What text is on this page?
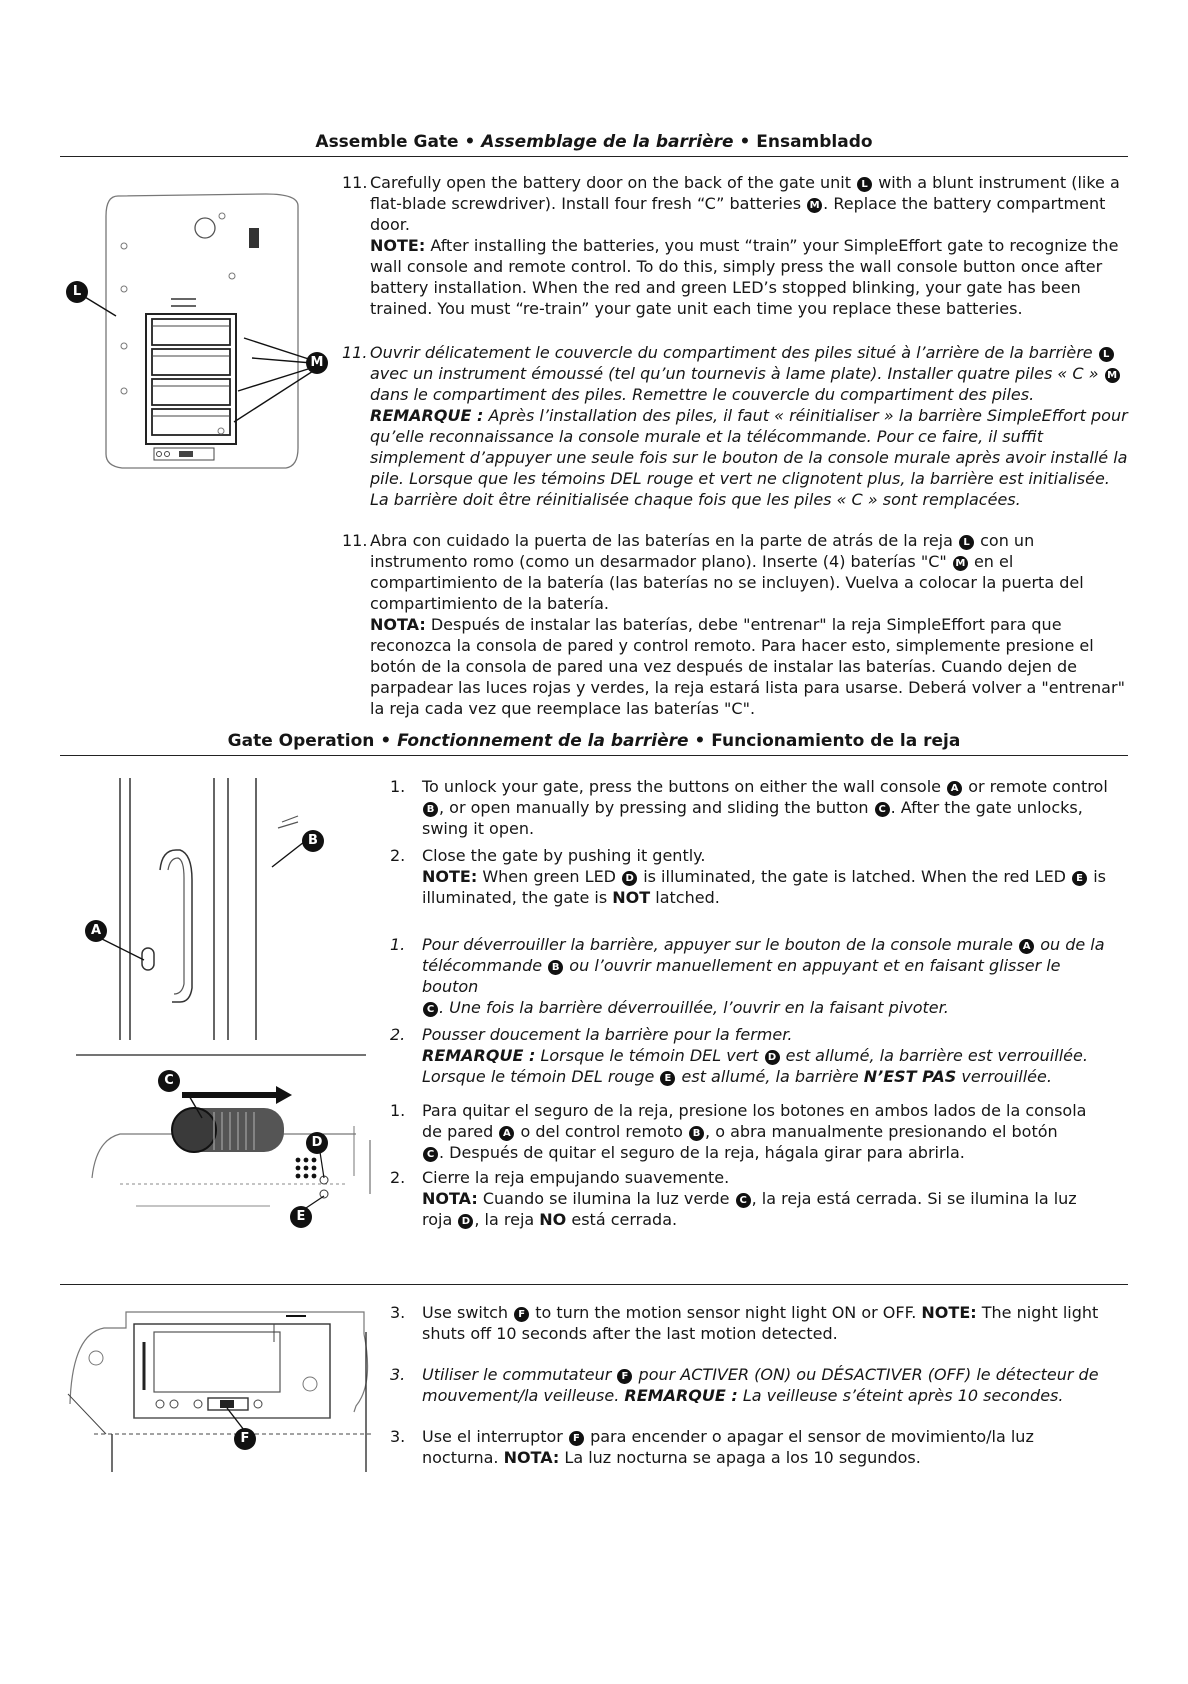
Assemble Gate • Assemblage de la barrière • Ensamblado
L
M
11. Carefully open the battery door on the back of the gate unit L with a blunt instrument (like a flat-blade screwdriver). Install four fresh “C” batteries M . Replace the battery compartment door.
NOTE: After installing the batteries, you must “train” your SimpleEffort gate to recognize the wall console and remote control. To do this, simply press the wall console button once after battery installation. When the red and green LED’s stopped blinking, your gate has been trained. You must “re-train” your gate unit each time you replace these batteries.
11. Ouvrir délicatement le couvercle du compartiment des piles situé à l’arrière de la barrière L avec un instrument émoussé (tel qu’un tournevis à lame plate). Installer quatre piles « C » M dans le compartiment des piles. Remettre le couvercle du compartiment des piles.
REMARQUE : Après l’installation des piles, il faut « réinitialiser » la barrière SimpleEffort pour qu’elle reconnaissance la console murale et la télécommande. Pour ce faire, il suffit simplement d’appuyer une seule fois sur le bouton de la console murale après avoir installé la pile. Lorsque que les témoins DEL rouge et vert ne clignotent plus, la barrière est initialisée. La barrière doit être réinitialisée chaque fois que les piles « C » sont remplacées.
11. Abra con cuidado la puerta de las baterías en la parte de atrás de la reja L con un instrumento romo (como un desarmador plano). Inserte (4) baterías "C" M en el compartimiento de la batería (las baterías no se incluyen). Vuelva a colocar la puerta del compartimiento de la batería.
NOTA: Después de instalar las baterías, debe "entrenar" la reja SimpleEffort para que reconozca la consola de pared y control remoto. Para hacer esto, simplemente presione el botón de la consola de pared una vez después de instalar las baterías. Cuando dejen de parpadear las luces rojas y verdes, la reja estará lista para usarse. Deberá volver a "entrenar" la reja cada vez que reemplace las baterías "C".
Gate Operation • Fonctionnement de la barrière • Funcionamiento de la reja
B
A
C
D
E
1. To unlock your gate, press the buttons on either the wall console A or remote control B , or open manually by pressing and sliding the button C . After the gate unlocks, swing it open.
2. Close the gate by pushing it gently.
NOTE: When green LED D is illuminated, the gate is latched. When the red LED E is illuminated, the gate is NOT latched.
1. Pour déverrouiller la barrière, appuyer sur le bouton de la console murale A ou de la télécommande B ou l’ouvrir manuellement en appuyant et en faisant glisser le bouton
C . Une fois la barrière déverrouillée, l’ouvrir en la faisant pivoter.
2. Pousser doucement la barrière pour la fermer.
REMARQUE : Lorsque le témoin DEL vert D est allumé, la barrière est verrouillée. Lorsque le témoin DEL rouge E est allumé, la barrière N’EST PAS verrouillée.
1. Para quitar el seguro de la reja, presione los botones en ambos lados de la consola de pared A o del control remoto B , o abra manualmente presionando el botón
C . Después de quitar el seguro de la reja, hágala girar para abrirla.
2. Cierre la reja empujando suavemente.
NOTA: Cuando se ilumina la luz verde C , la reja está cerrada. Si se ilumina la luz roja D , la reja NO está cerrada.
F
3. Use switch F to turn the motion sensor night light ON or OFF. NOTE: The night light shuts off 10 seconds after the last motion detected.
3. Utiliser le commutateur F pour ACTIVER (ON) ou DÉSACTIVER (OFF) le détecteur de mouvement/la veilleuse. REMARQUE : La veilleuse s’éteint après 10 secondes.
3. Use el interruptor F para encender o apagar el sensor de movimiento/la luz nocturna. NOTA: La luz nocturna se apaga a los 10 segundos.
